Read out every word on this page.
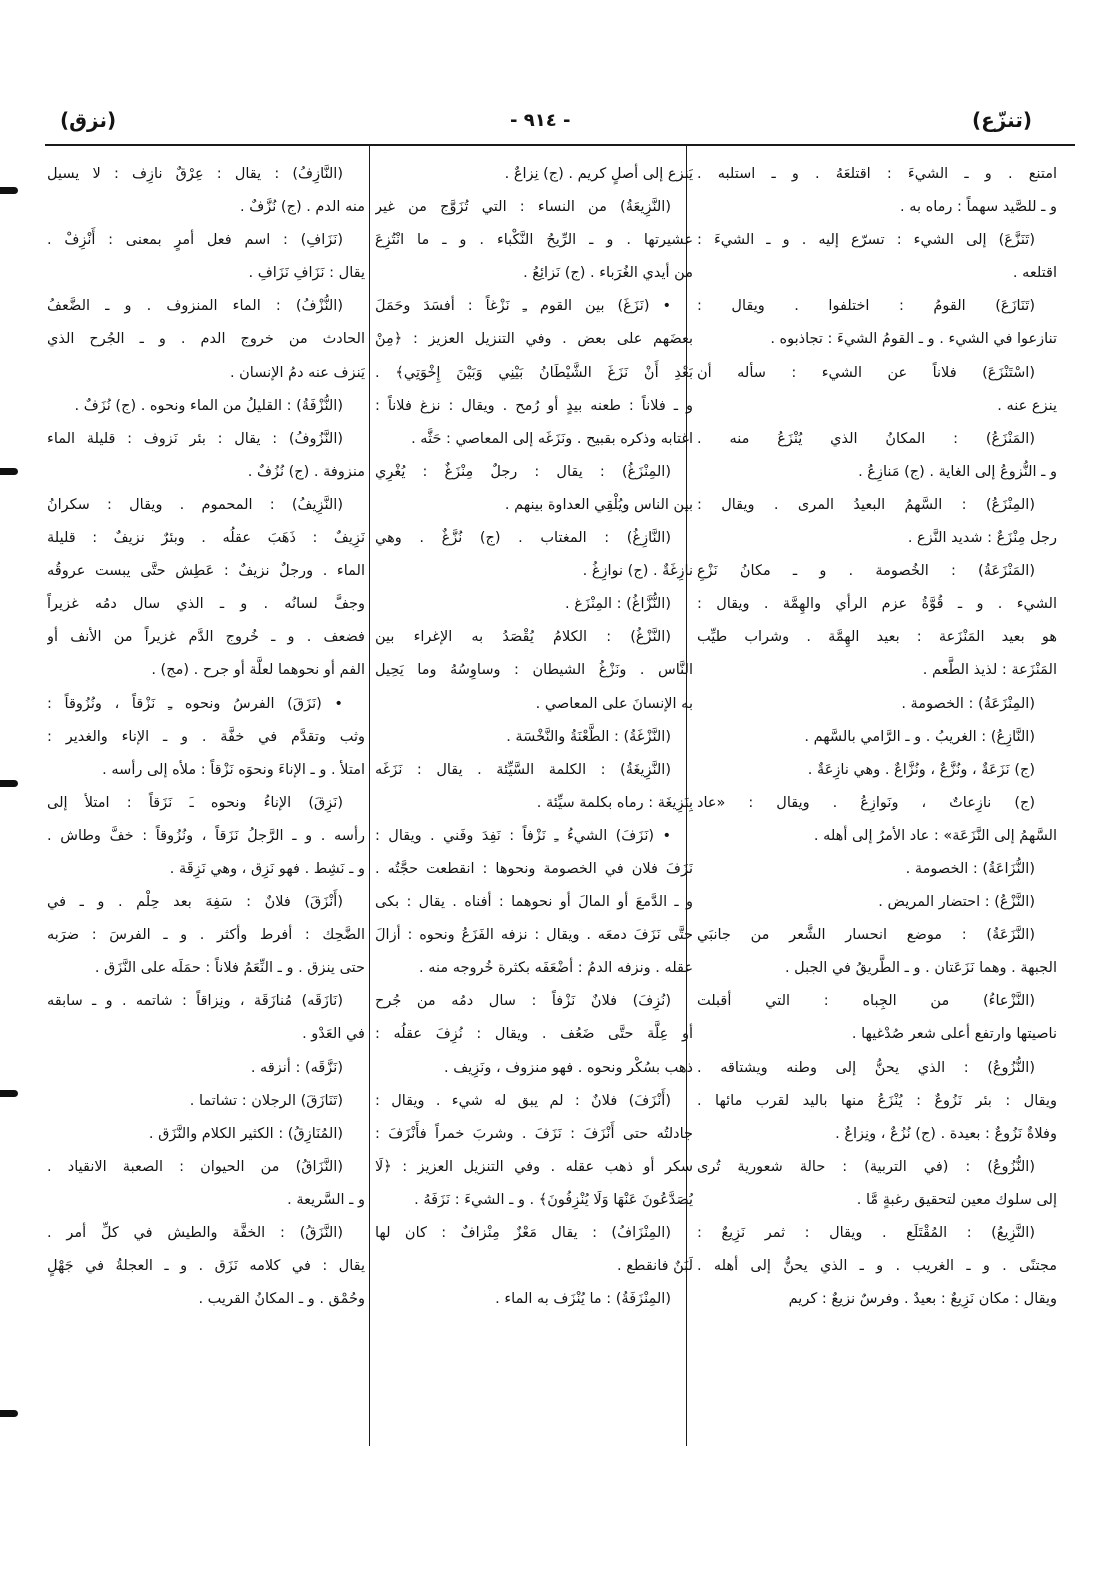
(تنزّع)
- ٩١٤ -
(نزق)
امتنع . و ـ الشيءَ : اقتلعَهُ . و ـ استلبه .
و ـ للصَّيد سهماً : رماه به .
(تَنَزَّعَ) إلى الشيء : تسرّع إليه . و ـ الشيءَ :
اقتلعه .
(تَنَازَعَ) القومُ : اختلفوا . ويقال :
تنازعوا في الشيء . و ـ القومُ الشيءَ : تجاذبوه .
(اسْتَنْزَعَ) فلاناً عن الشيء : سأله أن
ينزع عنه .
(المَنْزَعُ) : المكانُ الذي يُنْزَعُ منه .
و ـ النُّزوعُ إلى الغاية . (ج) مَنازِعُ .
(المِنْزَعُ) : السَّهمُ البعيدُ المرى . ويقال :
رجل مِنْزَعٌ : شديد النَّزع .
(المَنْزَعَةُ) : الخُصومة . و ـ مكانُ نَزْعِ
الشيء . و ـ قُوَّةُ عزم الرأي والهِمَّة . ويقال :
هو بعيد المَنْزَعة : بعيد الهِمَّة . وشراب طيِّب
المَنْزَعة : لذيذ الطَّعم .
(المِنْزَعَةُ) : الخصومة .
(النَّازِعُ) : الغريبُ . و ـ الرَّامي بالسَّهم .
(ج) نَزَعَةٌ ، ونُزَّعٌ ، ونُزَّاعٌ . وهي نازِعَةٌ .
(ج) نازِعاتٌ ، ونَوازِعُ . ويقال : «عاد
السَّهمُ إلى النَّزَعَة» : عاد الأمرُ إلى أهله .
(النُّزَاعَةُ) : الخصومة .
(النَّزْعُ) : احتضار المريض .
(النَّزَعَةُ) : موضع انحسار الشَّعر من جانبَي
الجبهة . وهما نَزَعَتان . و ـ الطَّريقُ في الجبل .
(النَّزْعاءُ) من الجِباه : التي أقبلت
ناصيتها وارتفع أعلى شعر صُدْغيها .
(النُّزُوعُ) : الذي يحنُّ إلى وطنه ويشتاقه .
ويقال : بئر نَزُوعٌ : يُنْزَعُ منها باليد لقرب مائها .
وفلاةٌ نَزُوعٌ : بعيدة . (ج) نُزُعٌ ، ونِزاعٌ .
(النُّزُوعُ) : (في التربية) : حالة شعورية تُرى
إلى سلوك معين لتحقيق رغبةٍ مَّا .
(النَّزِيعُ) : المُقْتَلَع . ويقال : ثمر نَزِيعٌ :
مجتنًى . و ـ الغريب . و ـ الذي يحنُّ إلى أهله .
ويقال : مكان نَزِيعٌ : بعيدٌ . وفرسٌ نزيعٌ : كريم
يَنزع إلى أصلٍ كريم . (ج) نِزاعٌ .
(النَّزِيعَةُ) من النساء : التي تُزَوَّج من غير
عشيرتها . و ـ الرِّيحُ النَّكْباء . و ـ ما انْتُزِعَ
من أيدي الغُرَباء . (ج) نَزائِعُ .
• (نَزَغَ) بين القوم ـِ نَزْغاً : أفسَدَ وحَمَلَ
بعضَهم على بعض . وفي التنزيل العزيز : ﴿مِنْ
بَعْدِ أَنْ نَزَغَ الشَّيْطَانُ بَيْنِي وَبَيْنَ إِخْوَتِي﴾ .
و ـ فلاناً : طعنه بيدٍ أو رُمح . ويقال : نزغ فلاناً :
اغتابه وذكره بقبيح . ونَزَغَه إلى المعاصي : حَثَّه .
(المِنْزَغُ) : يقال : رجلٌ مِنْزَغٌ : يُغْرِي
بين الناس ويُلْقِي العداوة بينهم .
(النَّازِغُ) : المغتاب . (ج) نُزَّغٌ . وهي
نازِغَةٌ . (ج) نوازِغُ .
(النُّزَّاغُ) : المِنْزَغ .
(النَّزْغُ) : الكلامُ يُقْصَدُ به الإغراء بين
النَّاس . ونَزْغُ الشيطان : وساوِسُهُ وما يَحِيل
به الإنسانَ على المعاصي .
(النَّزْغَةُ) : الطَّعْنَةُ والنَّخْسَة .
(النَّزِيغَةُ) : الكلمة السَّيِّئة . يقال : نَزَغَه
بِنَزِيغَة : رماه بكلمة سيِّئة .
• (نَزَفَ) الشيءُ ـِ نَزْفاً : نَفِدَ وفَني . ويقال :
نَزَفَ فلان في الخصومة ونحوها : انقطعت حجَّتُه .
و ـ الدَّمعَ أو المالَ أو نحوهما : أفناه . يقال : بكى
حتَّى نَزَفَ دمعَه . ويقال : نزفه الفَزَعُ ونحوه : أزالَ
عقله . ونزفه الدمُ : أضْعَفَه بكثرة خُروجه منه .
(نُزِفَ) فلانٌ نَزْفاً : سال دمُه من جُرح
أو عِلَّة حتَّى ضَعُف . ويقال : نُزِفَ عقلُه :
ذهب بسُكْر ونحوه . فهو منزوف ، ونَزِيف .
(أَنْزَفَ) فلانٌ : لم يبق له شيء . ويقال :
جادلتُه حتى أَنْزَفَ : نَزَفَ . وشربَ خمراً فأَنْزَفَ :
سكر أو ذهب عقله . وفي التنزيل العزيز : ﴿لَا
يُصَدَّعُونَ عَنْهَا وَلَا يُنْزِفُونَ﴾ . و ـ الشيءَ : نَزَفَهُ .
(المِنْزَافُ) : يقال مَعْزٌ مِنْزافٌ : كان لها
لَبَنٌ فانقطع .
(المِنْزَفَةُ) : ما يُنْزَف به الماء .
(النَّازِفُ) : يقال : عِرْقٌ نازِف : لا يسيل
منه الدم . (ج) نُزَّفٌ .
(نَزَافِ) : اسم فعل أمرٍ بمعنى : أَنْزِفْ .
يقال : نَزَافِ نَزَافِ .
(النُّزْفُ) : الماء المنزوف . و ـ الضَّعفُ
الحادث من خروج الدم . و ـ الجُرح الذي
يَنزف عنه دمُ الإنسان .
(النُّزْفَةُ) : القليلُ من الماء ونحوه . (ج) نُزَفٌ .
(النَّزُوفُ) : يقال : بئر نَزوف : قليلة الماء
منزوفة . (ج) نُزُفٌ .
(النَّزِيفُ) : المحموم . ويقال : سكرانُ
نَزِيفٌ : ذَهَبَ عقلُه . وبئرٌ نزيفٌ : قليلة
الماء . ورجلٌ نزيفٌ : عَطِش حتَّى يبست عروقُه
وجفَّ لسانُه . و ـ الذي سال دمُه غزيراً
فضعف . و ـ خُروج الدَّم غزيراً من الأنف أو
الفم أو نحوهما لعلَّة أو جرح . (مج) .
• (نَزَقَ) الفرسُ ونحوه ـِ نَزْقاً ، ونُزُوقاً :
وثب وتقدَّم في خفَّة . و ـ الإناء والغدير :
امتلأ . و ـ الإناءَ ونحوَه نَزْقاً : ملأه إلى رأسه .
(نَزِقَ) الإناءُ ونحوه ـَ نَزَقاً : امتلأ إلى
رأسه . و ـ الرَّجلُ نَزَقاً ، ونُزُوقاً : خفَّ وطاش .
و ـ نَشِط . فهو نَزِق ، وهي نَزِقَة .
(أَنْزَقَ) فلانٌ : سَفِهَ بعد حِلْم . و ـ في
الضَّحِك : أفرط وأكثر . و ـ الفرسَ : ضرَبه
حتى ينزق . و ـ النِّعَمُ فلاناً : حمَلَه على النَّزَق .
(نَازَقَه) مُنازَقَة ، ونِزاقاً : شاتمه . و ـ سابقه
في العَدْو .
(نَزَّقَه) : أنزقه .
(تَنَازَقَ) الرجلان : تشاتما .
(المُنَازِقُ) : الكثير الكلام والنَّزَق .
(النَّزَاقُ) من الحيوان : الصعبة الانقياد .
و ـ السَّريعة .
(النَّزَقُ) : الخفَّة والطيش في كلِّ أمر .
يقال : في كلامه نَزَق . و ـ العجلةُ في جَهْلٍ
وحُمْق . و ـ المكانُ القريب .
